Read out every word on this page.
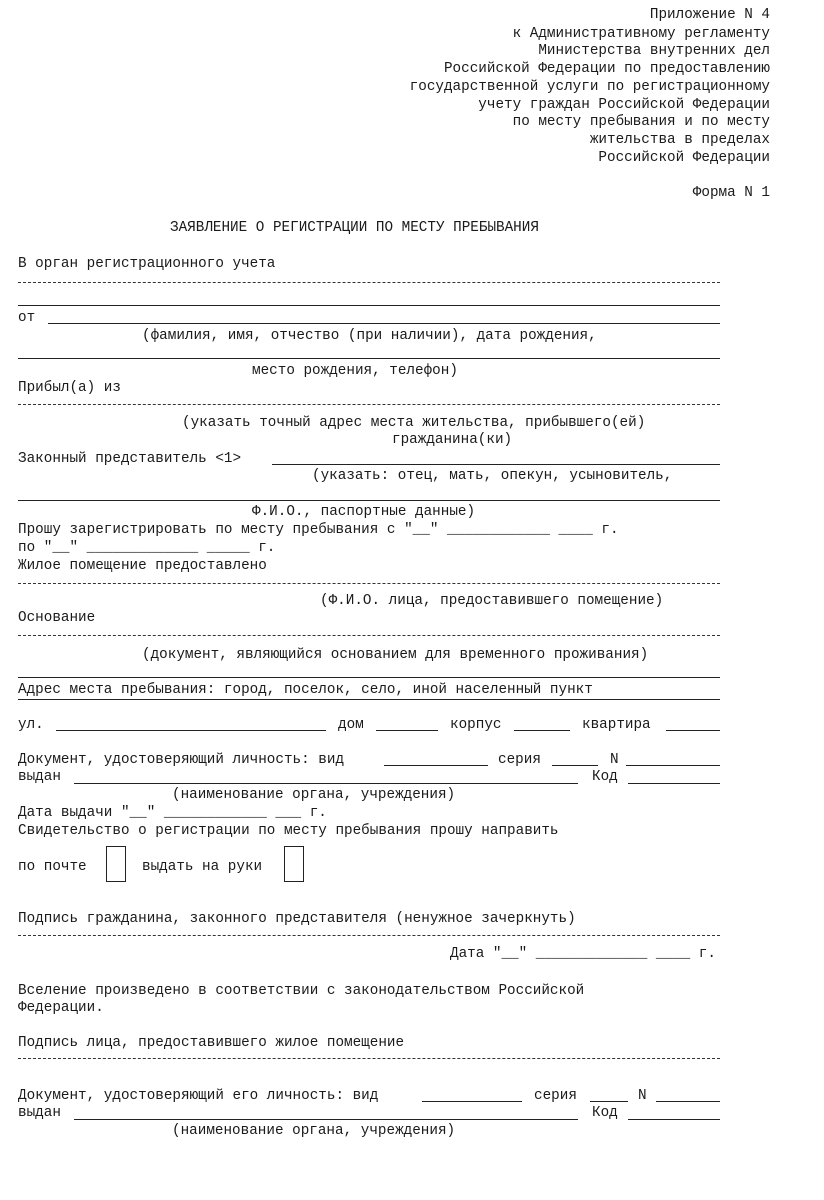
Приложение N 4
к Административному регламенту
Министерства внутренних дел
Российской Федерации по предоставлению
государственной услуги по регистрационному
учету граждан Российской Федерации
по месту пребывания и по месту
жительства в пределах
Российской Федерации
Форма N 1
ЗАЯВЛЕНИЕ О РЕГИСТРАЦИИ ПО МЕСТУ ПРЕБЫВАНИЯ
В орган регистрационного учета
от
(фамилия, имя, отчество (при наличии), дата рождения,
место рождения, телефон)
Прибыл(а) из
(указать точный адрес места жительства, прибывшего(ей)
гражданина(ки)
Законный представитель <1>
(указать: отец, мать, опекун, усыновитель,
Ф.И.О., паспортные данные)
Прошу зарегистрировать по месту пребывания с "__" ____________ ____ г.
по "__" _____________ _____ г.
Жилое помещение предоставлено
(Ф.И.О. лица, предоставившего помещение)
Основание
(документ, являющийся основанием для временного проживания)
Адрес места пребывания: город, поселок, село, иной населенный пункт
ул.	дом	корпус	квартира
Документ, удостоверяющий личность: вид	серия	N
выдан	Код
(наименование органа, учреждения)
Дата выдачи "__" ____________ ___ г.
Свидетельство о регистрации по месту пребывания прошу направить
по почте	выдать на руки
Подпись гражданина, законного представителя (ненужное зачеркнуть)
Дата "__" _____________ ____ г.
Вселение произведено в соответствии с законодательством Российской
Федерации.
Подпись лица, предоставившего жилое помещение
Документ, удостоверяющий его личность: вид	серия	N
выдан	Код
(наименование органа, учреждения)
